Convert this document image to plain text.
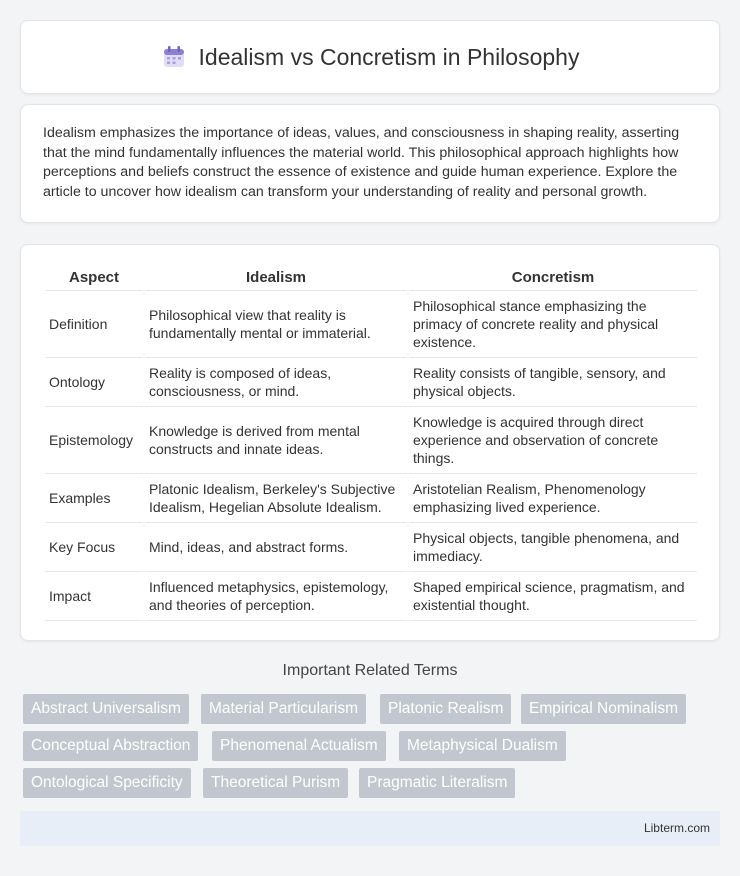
Idealism vs Concretism in Philosophy

Idealism emphasizes the importance of ideas, values, and consciousness in shaping reality, asserting that the mind fundamentally influences the material world. This philosophical approach highlights how perceptions and beliefs construct the essence of existence and guide human experience. Explore the article to uncover how idealism can transform your understanding of reality and personal growth.

Aspect	Idealism	Concretism
Definition	Philosophical view that reality is fundamentally mental or immaterial.	Philosophical stance emphasizing the primacy of concrete reality and physical existence.
Ontology	Reality is composed of ideas, consciousness, or mind.	Reality consists of tangible, sensory, and physical objects.
Epistemology	Knowledge is derived from mental constructs and innate ideas.	Knowledge is acquired through direct experience and observation of concrete things.
Examples	Platonic Idealism, Berkeley's Subjective Idealism, Hegelian Absolute Idealism.	Aristotelian Realism, Phenomenology emphasizing lived experience.
Key Focus	Mind, ideas, and abstract forms.	Physical objects, tangible phenomena, and immediacy.
Impact	Influenced metaphysics, epistemology, and theories of perception.	Shaped empirical science, pragmatism, and existential thought.
Important Related Terms
Abstract Universalism	Material Particularism	Platonic Realism	Empirical Nominalism
Conceptual Abstraction	Phenomenal Actualism	Metaphysical Dualism
Ontological Specificity	Theoretical Purism	Pragmatic Literalism
Libterm.com
